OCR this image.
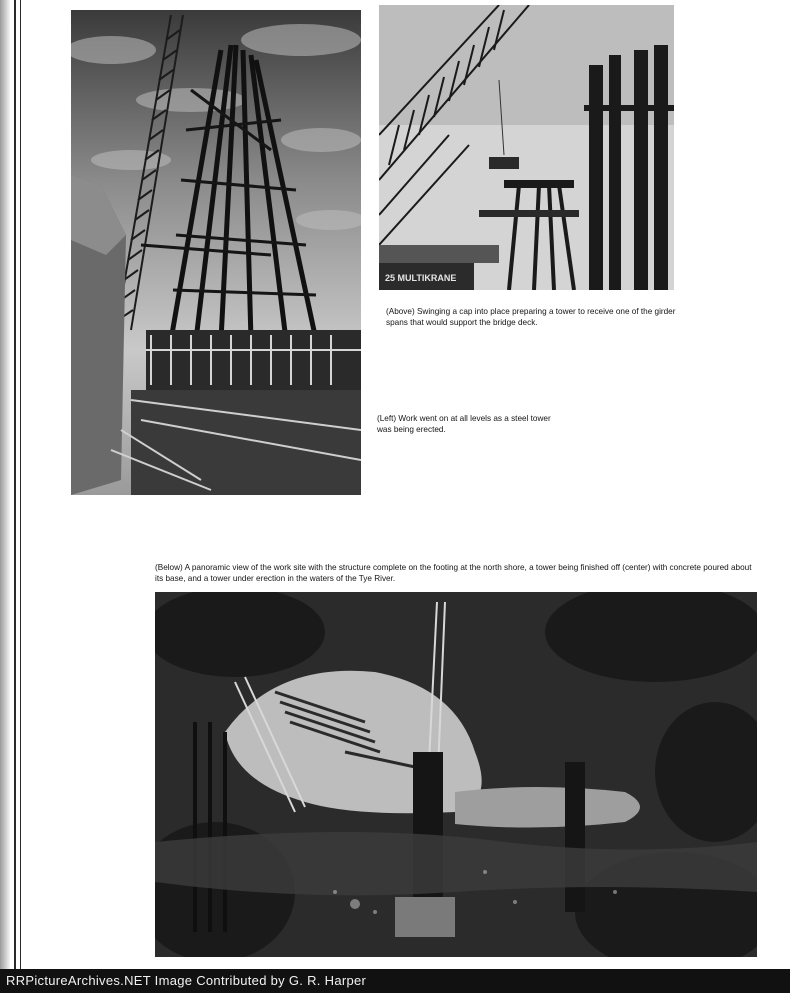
25 MULTIKRANE
(Above) Swinging a cap into place preparing a tower to receive one of the girder spans that would support the bridge deck.
(Left) Work went on at all levels as a steel tower was being erected.
(Below) A panoramic view of the work site with the structure complete on the footing at the north shore, a tower being finished off (center) with concrete poured about its base, and a tower under erection in the waters of the Tye River.
RRPictureArchives.NET Image Contributed by G. R. Harper
